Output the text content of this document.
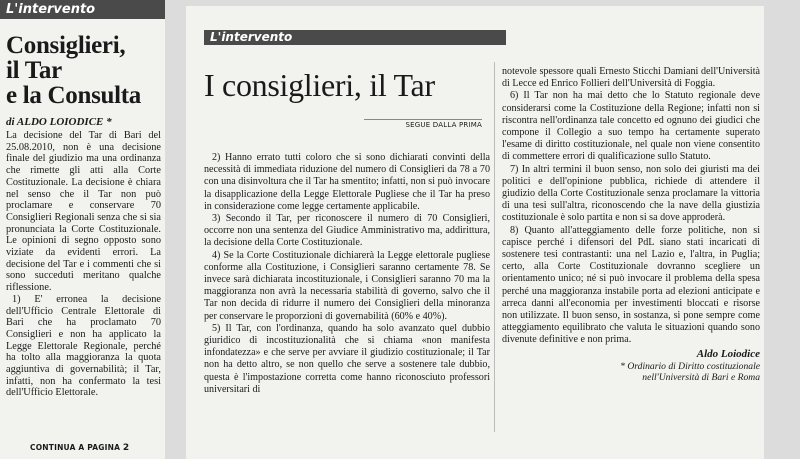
L'intervento
Consiglieri,
il Tar
e la Consulta
di ALDO LOIODICE *

La decisione del Tar di Bari del 25.08.2010, non è una decisione finale del giudizio ma una ordinanza che rimette gli atti alla Corte Costituzionale. La decisione è chiara nel senso che il Tar non può proclamare e conservare 70 Consiglieri Regionali senza che si sia pronunciata la Corte Costituzionale. Le opinioni di segno opposto sono viziate da evidenti errori. La decisione del Tar e i commenti che si sono succeduti meritano qualche riflessione.

1) E' erronea la decisione dell'Ufficio Centrale Elettorale di Bari che ha proclamato 70 Consiglieri e non ha applicato la Legge Elettorale Regionale, perché ha tolto alla maggioranza la quota aggiuntiva di governabilità; il Tar, infatti, non ha confermato la tesi dell'Ufficio Elettorale.

CONTINUA A PAGINA 2
L'intervento
I consiglieri, il Tar
SEGUE DALLA PRIMA

2) Hanno errato tutti coloro che si sono dichiarati convinti della necessità di immediata riduzione del numero di Consiglieri da 78 a 70 con una disinvoltura che il Tar ha smentito; infatti, non si può invocare la disapplicazione della Legge Elettorale Pugliese che il Tar ha preso in considerazione come legge certamente applicabile.

3) Secondo il Tar, per riconoscere il numero di 70 Consiglieri, occorre non una sentenza del Giudice Amministrativo ma, addirittura, la decisione della Corte Costituzionale.

4) Se la Corte Costituzionale dichiarerà la Legge elettorale pugliese conforme alla Costituzione, i Consiglieri saranno certamente 78. Se invece sarà dichiarata incostituzionale, i Consiglieri saranno 70 ma la maggioranza non avrà la necessaria stabilità di governo, salvo che il Tar non decida di ridurre il numero dei Consiglieri della minoranza per conservare le proporzioni di governabilità (60% e 40%).

5) Il Tar, con l'ordinanza, quando ha solo avanzato quel dubbio giuridico di incostituzionalità che si chiama «non manifesta infondatezza» e che serve per avviare il giudizio costituzionale; il Tar non ha detto altro, se non quello che serve a sostenere tale dubbio, questa è l'impostazione corretta come hanno riconosciuto professori universitari di

notevole spessore quali Ernesto Sticchi Damiani dell'Università di Lecce ed Enrico Follieri dell'Università di Foggia.

6) Il Tar non ha mai detto che lo Statuto regionale deve considerarsi come la Costituzione della Regione; infatti non si riscontra nell'ordinanza tale concetto ed ognuno dei giudici che compone il Collegio a suo tempo ha certamente superato l'esame di diritto costituzionale, nel quale non viene consentito di commettere errori di qualificazione sullo Statuto.

7) In altri termini il buon senso, non solo dei giuristi ma dei politici e dell'opinione pubblica, richiede di attendere il giudizio della Corte Costituzionale senza proclamare la vittoria di una tesi sull'altra, riconoscendo che la nave della giustizia costituzionale è solo partita e non si sa dove approderà.

8) Quanto all'atteggiamento delle forze politiche, non si capisce perché i difensori del PdL siano stati incaricati di sostenere tesi contrastanti: una nel Lazio e, l'altra, in Puglia; certo, alla Corte Costituzionale dovranno scegliere un orientamento unico; né si può invocare il problema della spesa perché una maggioranza instabile porta ad elezioni anticipate e arreca danni all'economia per investimenti bloccati e risorse non utilizzate. Il buon senso, in sostanza, si pone sempre come atteggiamento equilibrato che valuta le situazioni quando sono divenute definitive e non prima.

Aldo Loiodice
* Ordinario di Diritto costituzionale
nell'Università di Bari e Roma
